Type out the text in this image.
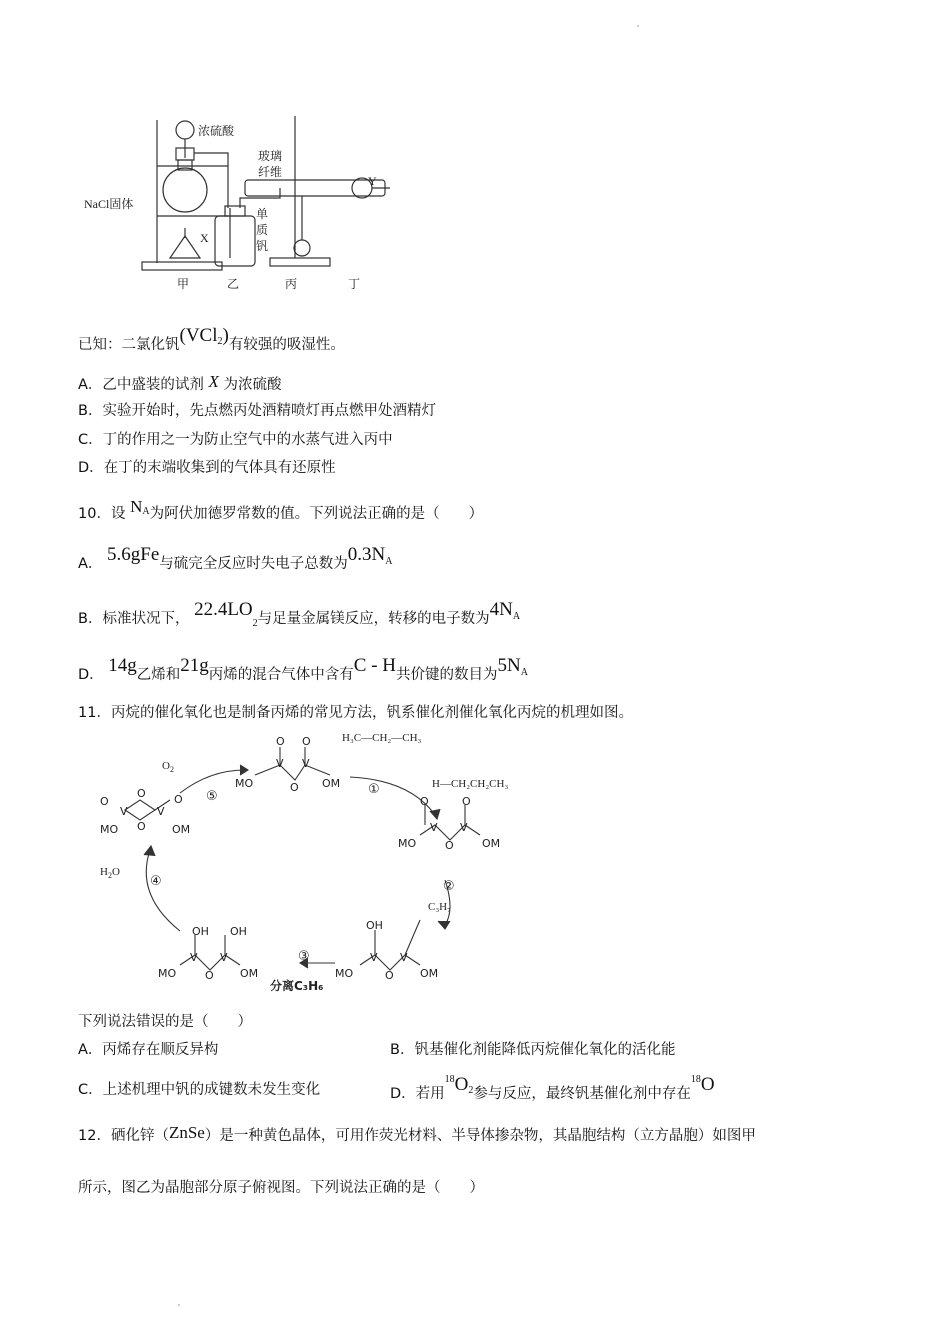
浓硫酸
NaCl固体
玻璃
纤维
X
Y
单
质
钒
甲	乙	丙	丁
已知：二氯化钒(VCl$_2$)有较强的吸湿性。
A．乙中盛装的试剂 X 为浓硫酸
B．实验开始时，先点燃丙处酒精喷灯再点燃甲处酒精灯
C．丁的作用之一为防止空气中的水蒸气进入丙中
D．在丁的末端收集到的气体具有还原性
10．设 $N^A$为阿伏加德罗常数的值。下列说法正确的是（　　）
A． 5.6gFe与硫完全反应时失电子总数为$0.3N^A$
B．标准状况下， $22.4LO_2$与足量金属镁反应，转移的电子数为$4N^A$
D． 14g乙烯和21g丙烯的混合气体中含有C - H共价键的数目为$5N^A$
11．丙烷的催化氧化也是制备丙烯的常见方法，钒系催化剂催化氧化丙烷的机理如图。
$O_2$
$H_2O$
⑤	①
②
③
④
H₃C—CH₂—CH₃
H—CH₂CH₂CH₃
C₃H₇
分离C₃H₆
MO
V	V
OM
O
O
O
O
MO
V V
OM
O O
O
MO
V V
OM
O	O
O
MO
V V
OM
OH
O
MO
V V
OM
OH OH
O
下列说法错误的是（　　）
A．丙烯存在顺反异构	B．钒基催化剂能降低丙烷催化氧化的活化能
C．上述机理中钒的成键数未发生变化	D．若用$^{18}O_2$参与反应，最终钒基催化剂中存在$^{18}$O
12．硒化锌（ZnSe）是一种黄色晶体，可用作荧光材料、半导体掺杂物，其晶胞结构（立方晶胞）如图甲
所示，图乙为晶胞部分原子俯视图。下列说法正确的是（　　）
